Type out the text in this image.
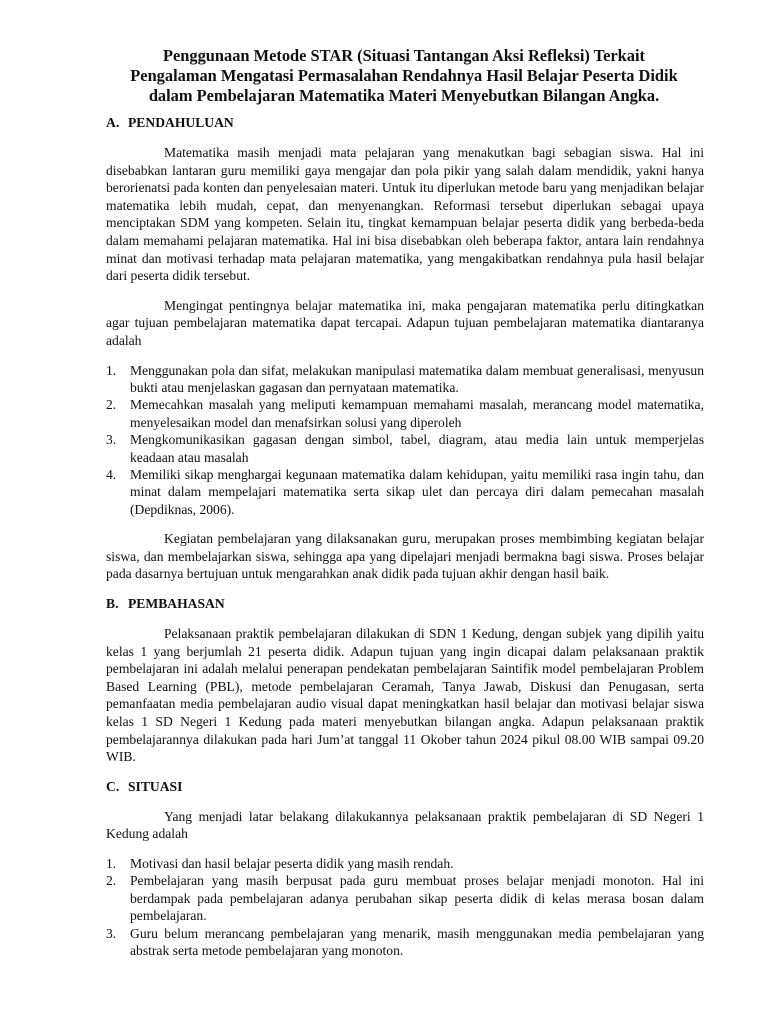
Penggunaan Metode STAR (Situasi Tantangan Aksi Refleksi) Terkait
Pengalaman Mengatasi Permasalahan Rendahnya Hasil Belajar Peserta Didik
dalam Pembelajaran Matematika Materi Menyebutkan Bilangan Angka.
A. PENDAHULUAN

Matematika masih menjadi mata pelajaran yang menakutkan bagi sebagian siswa. Hal ini disebabkan lantaran guru memiliki gaya mengajar dan pola pikir yang salah dalam mendidik, yakni hanya berorienatsi pada konten dan penyelesaian materi. Untuk itu diperlukan metode baru yang menjadikan belajar matematika lebih mudah, cepat, dan menyenangkan. Reformasi tersebut diperlukan sebagai upaya menciptakan SDM yang kompeten. Selain itu, tingkat kemampuan belajar peserta didik yang berbeda-beda dalam memahami pelajaran matematika. Hal ini bisa disebabkan oleh beberapa faktor, antara lain rendahnya minat dan motivasi terhadap mata pelajaran matematika, yang mengakibatkan rendahnya pula hasil belajar dari peserta didik tersebut.

Mengingat pentingnya belajar matematika ini, maka pengajaran matematika perlu ditingkatkan agar tujuan pembelajaran matematika dapat tercapai. Adapun tujuan pembelajaran matematika diantaranya adalah

1.	Menggunakan pola dan sifat, melakukan manipulasi matematika dalam membuat generalisasi, menyusun bukti atau menjelaskan gagasan dan pernyataan matematika.
2.	Memecahkan masalah yang meliputi kemampuan memahami masalah, merancang model matematika, menyelesaikan model dan menafsirkan solusi yang diperoleh
3.	Mengkomunikasikan gagasan dengan simbol, tabel, diagram, atau media lain untuk memperjelas keadaan atau masalah
4.	Memiliki sikap menghargai kegunaan matematika dalam kehidupan, yaitu memiliki rasa ingin tahu, dan minat dalam mempelajari matematika serta sikap ulet dan percaya diri dalam pemecahan masalah (Depdiknas, 2006).

Kegiatan pembelajaran yang dilaksanakan guru, merupakan proses membimbing kegiatan belajar siswa, dan membelajarkan siswa, sehingga apa yang dipelajari menjadi bermakna bagi siswa. Proses belajar pada dasarnya bertujuan untuk mengarahkan anak didik pada tujuan akhir dengan hasil baik.

B. PEMBAHASAN

Pelaksanaan praktik pembelajaran dilakukan di SDN 1 Kedung, dengan subjek yang dipilih yaitu kelas 1 yang berjumlah 21 peserta didik. Adapun tujuan yang ingin dicapai dalam pelaksanaan praktik pembelajaran ini adalah melalui penerapan pendekatan pembelajaran Saintifik model pembelajaran Problem Based Learning (PBL), metode pembelajaran Ceramah, Tanya Jawab, Diskusi dan Penugasan, serta pemanfaatan media pembelajaran audio visual dapat meningkatkan hasil belajar dan motivasi belajar siswa kelas 1 SD Negeri 1 Kedung pada materi menyebutkan bilangan angka. Adapun pelaksanaan praktik pembelajarannya dilakukan pada hari Jum’at tanggal 11 Okober tahun 2024 pikul 08.00 WIB sampai 09.20 WIB.

C. SITUASI

Yang menjadi latar belakang dilakukannya pelaksanaan praktik pembelajaran di SD Negeri 1 Kedung adalah

1.	Motivasi dan hasil belajar peserta didik yang masih rendah.
2.	Pembelajaran yang masih berpusat pada guru membuat proses belajar menjadi monoton. Hal ini berdampak pada pembelajaran adanya perubahan sikap peserta didik di kelas merasa bosan dalam pembelajaran.
3.	Guru belum merancang pembelajaran yang menarik, masih menggunakan media pembelajaran yang abstrak serta metode pembelajaran yang monoton.
